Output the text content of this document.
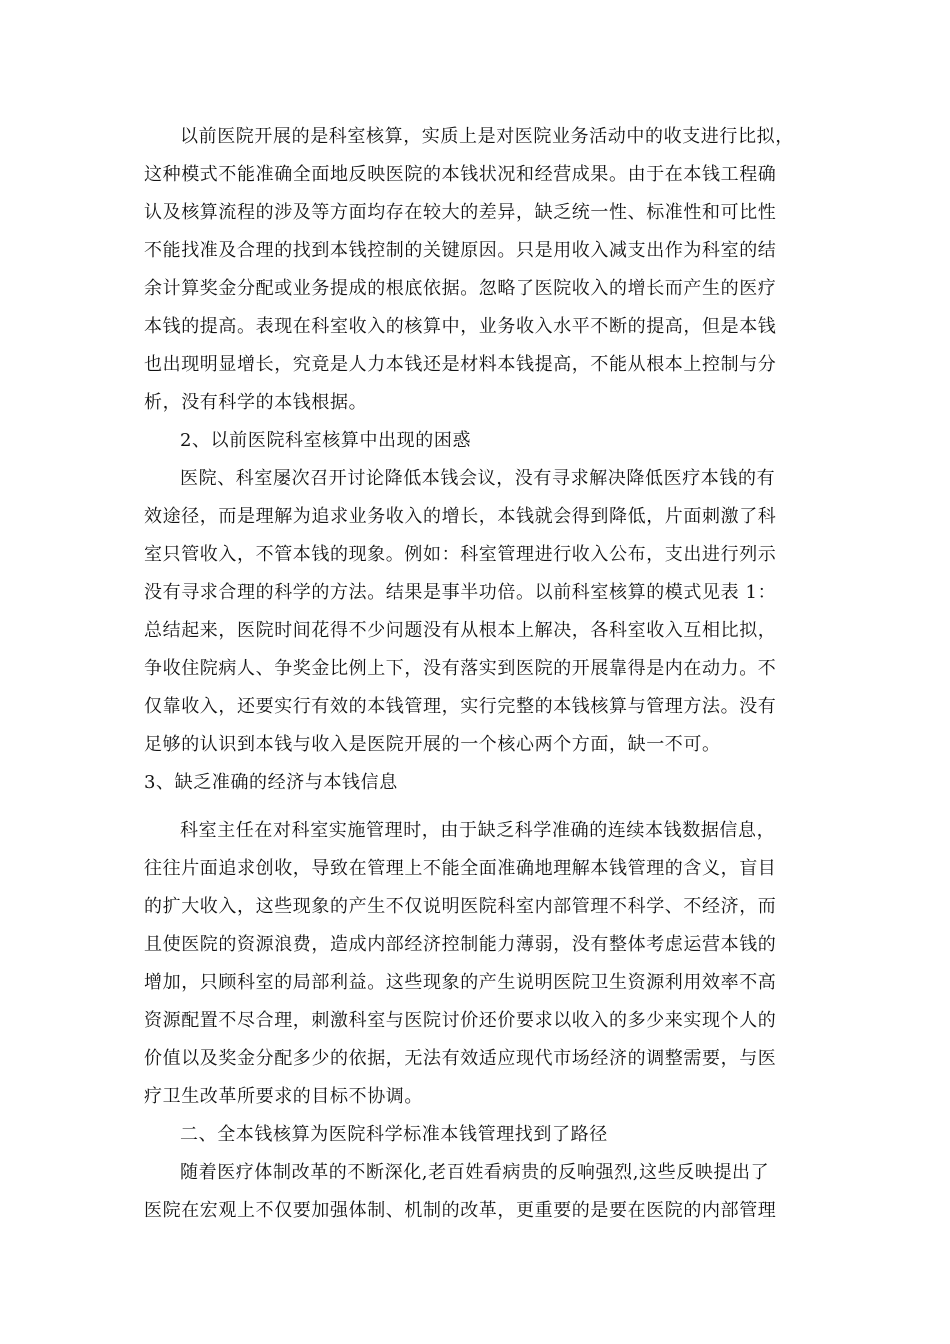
以前医院开展的是科室核算，实质上是对医院业务活动中的收支进行比拟，
这种模式不能准确全面地反映医院的本钱状况和经营成果。由于在本钱工程确
认及核算流程的涉及等方面均存在较大的差异，缺乏统一性、标准性和可比性
不能找准及合理的找到本钱控制的关键原因。只是用收入减支出作为科室的结
余计算奖金分配或业务提成的根底依据。忽略了医院收入的增长而产生的医疗
本钱的提高。表现在科室收入的核算中，业务收入水平不断的提高，但是本钱
也出现明显增长，究竟是人力本钱还是材料本钱提高，不能从根本上控制与分
析，没有科学的本钱根据。
2、以前医院科室核算中出现的困惑
医院、科室屡次召开讨论降低本钱会议，没有寻求解决降低医疗本钱的有
效途径，而是理解为追求业务收入的增长，本钱就会得到降低，片面刺激了科
室只管收入，不管本钱的现象。例如：科室管理进行收入公布，支出进行列示
没有寻求合理的科学的方法。结果是事半功倍。以前科室核算的模式见表 1：
总结起来，医院时间花得不少问题没有从根本上解决，各科室收入互相比拟，
争收住院病人、争奖金比例上下，没有落实到医院的开展靠得是内在动力。不
仅靠收入，还要实行有效的本钱管理，实行完整的本钱核算与管理方法。没有
足够的认识到本钱与收入是医院开展的一个核心两个方面，缺一不可。
3、缺乏准确的经济与本钱信息
科室主任在对科室实施管理时，由于缺乏科学准确的连续本钱数据信息，
往往片面追求创收，导致在管理上不能全面准确地理解本钱管理的含义，盲目
的扩大收入，这些现象的产生不仅说明医院科室内部管理不科学、不经济，而
且使医院的资源浪费，造成内部经济控制能力薄弱，没有整体考虑运营本钱的
增加，只顾科室的局部利益。这些现象的产生说明医院卫生资源利用效率不高
资源配置不尽合理，刺激科室与医院讨价还价要求以收入的多少来实现个人的
价值以及奖金分配多少的依据，无法有效适应现代市场经济的调整需要，与医
疗卫生改革所要求的目标不协调。
二、全本钱核算为医院科学标准本钱管理找到了路径
随着医疗体制改革的不断深化,老百姓看病贵的反响强烈,这些反映提出了
医院在宏观上不仅要加强体制、机制的改革，更重要的是要在医院的内部管理
